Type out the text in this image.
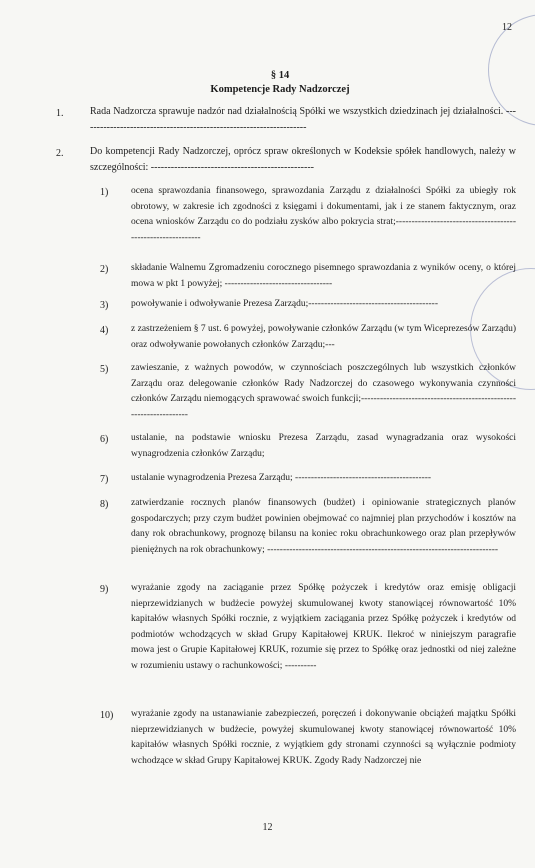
12
§ 14
Kompetencje Rady Nadzorczej
1.	Rada Nadzorcza sprawuje nadzór nad działalnością Spółki we wszystkich dziedzinach jej działalności. --------------------------------------------------------------------
2.	Do kompetencji Rady Nadzorczej, oprócz spraw określonych w Kodeksie spółek handlowych, należy w szczególności: -------------------------------------------------
1) ocena sprawozdania finansowego, sprawozdania Zarządu z działalności Spółki za ubiegły rok obrotowy, w zakresie ich zgodności z księgami i dokumentami, jak i ze stanem faktycznym, oraz ocena wniosków Zarządu co do podziału zysków albo pokrycia strat;------------------------------------------------------------
2) składanie Walnemu Zgromadzeniu corocznego pisemnego sprawozdania z wyników oceny, o której mowa w pkt 1 powyżej; ----------------------------------
3) powoływanie i odwoływanie Prezesa Zarządu;-----------------------------------------
4) z zastrzeżeniem § 7 ust. 6 powyżej, powoływanie członków Zarządu (w tym Wiceprezesów Zarządu) oraz odwoływanie powołanych członków Zarządu;---
5) zawieszanie, z ważnych powodów, w czynnościach poszczególnych lub wszystkich członków Zarządu oraz delegowanie członków Rady Nadzorczej do czasowego wykonywania czynności członków Zarządu niemogących sprawować swoich funkcji;-------------------------------------------------------------------
6) ustalanie, na podstawie wniosku Prezesa Zarządu, zasad wynagradzania oraz wysokości wynagrodzenia członków Zarządu;
7) ustalanie wynagrodzenia Prezesa Zarządu; -------------------------------------------
8) zatwierdzanie rocznych planów finansowych (budżet) i opiniowanie strategicznych planów gospodarczych; przy czym budżet powinien obejmować co najmniej plan przychodów i kosztów na dany rok obrachunkowy, prognozę bilansu na koniec roku obrachunkowego oraz plan przepływów pieniężnych na rok obrachunkowy; -------------------------------------------------------------------------
9) wyrażanie zgody na zaciąganie przez Spółkę pożyczek i kredytów oraz emisję obligacji nieprzewidzianych w budżecie powyżej skumulowanej kwoty stanowiącej równowartość 10% kapitałów własnych Spółki rocznie, z wyjątkiem zaciągania przez Spółkę pożyczek i kredytów od podmiotów wchodzących w skład Grupy Kapitałowej KRUK. Ilekroć w niniejszym paragrafie mowa jest o Grupie Kapitałowej KRUK, rozumie się przez to Spółkę oraz jednostki od niej zależne w rozumieniu ustawy o rachunkowości; ----------
10) wyrażanie zgody na ustanawianie zabezpieczeń, poręczeń i dokonywanie obciążeń majątku Spółki nieprzewidzianych w budżecie, powyżej skumulowanej kwoty stanowiącej równowartość 10% kapitałów własnych Spółki rocznie, z wyjątkiem gdy stronami czynności są wyłącznie podmioty wchodzące w skład Grupy Kapitałowej KRUK. Zgody Rady Nadzorczej nie
12
